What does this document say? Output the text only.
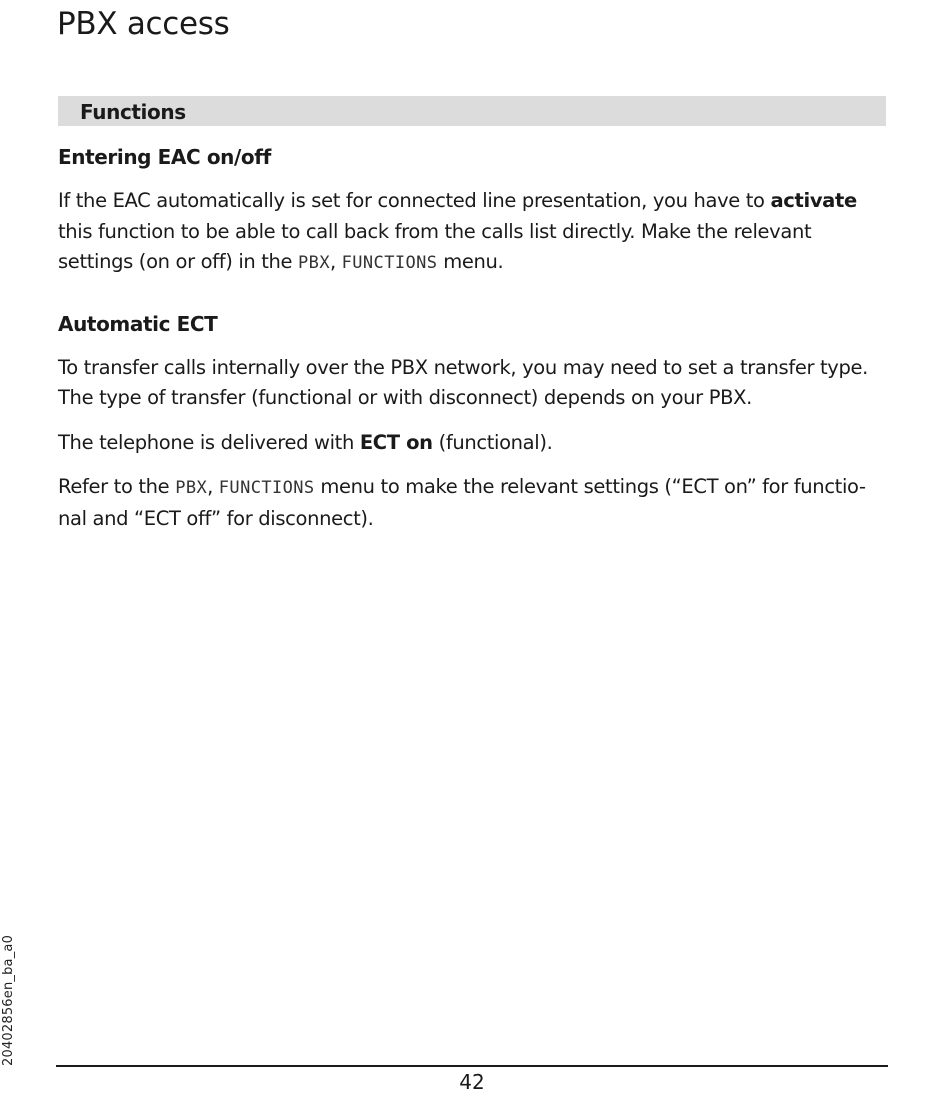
PBX access
Functions
Entering EAC on/off

If the EAC automatically is set for connected line presentation, you have to activate this function to be able to call back from the calls list directly. Make the relevant settings (on or off) in the PBX, FUNCTIONS menu.

Automatic ECT

To transfer calls internally over the PBX network, you may need to set a transfer type. The type of transfer (functional or with disconnect) depends on your PBX.

The telephone is delivered with ECT on (functional).

Refer to the PBX, FUNCTIONS menu to make the relevant settings (“ECT on” for functio-nal and “ECT off” for disconnect).

20402856en_ba_a0
42
